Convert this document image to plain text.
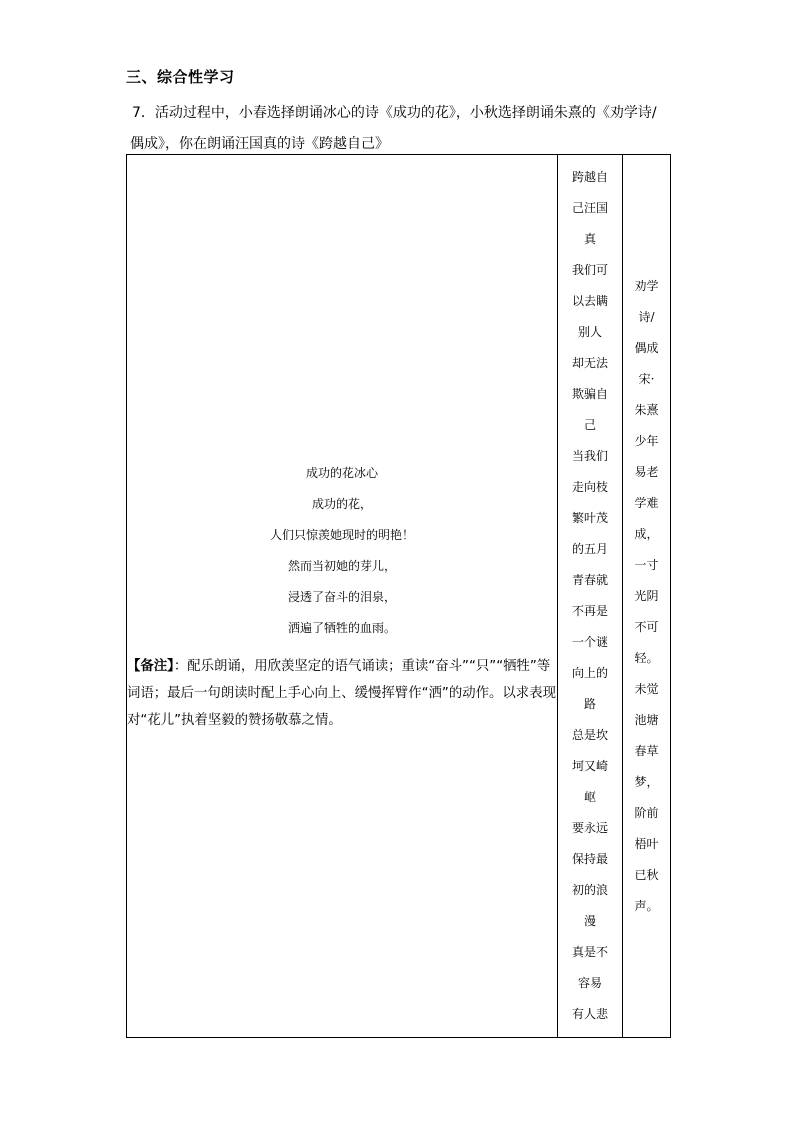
三、综合性学习
7．活动过程中，小春选择朗诵冰心的诗《成功的花》，小秋选择朗诵朱熹的《劝学诗/
偶成》，你在朗诵汪国真的诗《跨越自己》
成功的花冰心
成功的花，
人们只惊羡她现时的明艳！
然而当初她的芽儿，
浸透了奋斗的泪泉，
洒遍了牺牲的血雨。
【备注】：配乐朗诵，用欣羡坚定的语气诵读；重读“奋斗”“只”“牺牲”等词语；最后一句朗读时配上手心向上、缓慢挥臂作“洒”的动作。以求表现对“花儿”执着坚毅的赞扬敬慕之情。

跨越自
己汪国
真
我们可
以去瞒
别人
却无法
欺骗自
己
当我们
走向枝
繁叶茂
的五月
青春就
不再是
一个谜
向上的
路
总是坎
坷又崎
岖
要永远
保持最
初的浪
漫
真是不
容易
有人悲

劝学
诗/
偶成
宋·
朱熹
少年
易老
学难
成，
一寸
光阴
不可
轻。
未觉
池塘
春草
梦，
阶前
梧叶
已秋
声。
